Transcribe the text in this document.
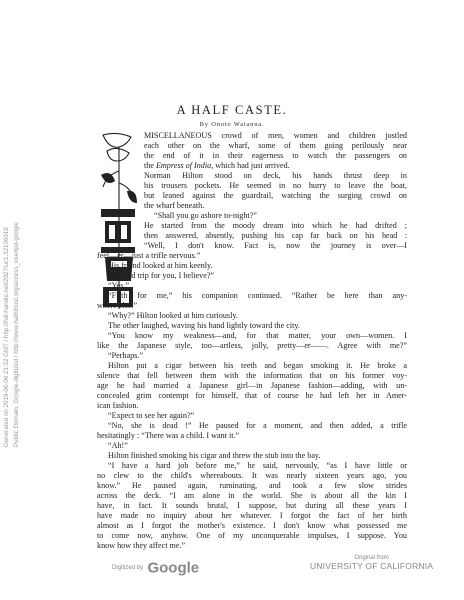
A HALF CASTE.
By Onoto Watanna.
MISCELLANEOUS crowd of men, women and children jostled
each other on the wharf, some of them going perilously near
the end of it in their eagerness to watch the passengers on
the Empress of India, which had just arrived.
Norman Hilton stood on deck, his hands thrust deep in
his trousers pockets. He seemed in no hurry to leave the boat,
but leaned against the guardrail, watching the surging crowd on
the wharf beneath.
“Shall you go ashore to-night?”
He started from the moody dream into which he had drifted ;
then answered, absently, pushing his cap far back on his head :
“Well, I don't know. Fact is, now the journey is over—I
feel—er—just a trifle nervous.”
His friend looked at him keenly.
“Second trip for you, I believe?”
“Yes.”
“Fifth for me,” his companion continued. “Rather be here than any-
where else.”
“Why?” Hilton looked at him curiously.
The other laughed, waving his hand lightly toward the city.
“You know my weakness—and, for that matter, your own—women. I
like the Japanese style, too—artless, jolly, pretty—er——. Agree with me?”
“Perhaps.”
Hilton put a cigar between his teeth and began smoking it. He broke a
silence that fell between them with the information that on his former voy-
age he had married a Japanese girl—in Japanese fashion—adding, with un-
concealed grim contempt for himself, that of course he had left her in Amer-
ican fashion.
“Expect to see her again?”
“No, she is dead !” He paused for a moment, and then added, a trifle
hesitatingly : “There was a child. I want it.”
“Ah!”
Hilton finished smoking his cigar and threw the stub into the bay.
“I have a hard job before me,” he said, nervously, “as I have little or
no clew to the child's whereabouts. It was nearly sixteen years ago, you
know.” He paused again, ruminating, and took a few slow strides
across the deck. “I am alone in the world. She is about all the kin I
have, in fact. It sounds brutal, I suppose, but during all these years I
have made no inquiry about her whatever. I forgot the fact of her birth
almost as I forgot the mother's existence. I don't know what possessed me
to come now, anyhow. One of my unconquerable impulses, I suppose. You
know how they affect me.”
Generated on 2019-06-06 21:32 GMT / http://hdl.handle.net/2027/uc1.32106019 Public Domain, Google-digitized / http://www.hathitrust.org/access_use#pd-google
Digitized by Google
Original from
UNIVERSITY OF CALIFORNIA
